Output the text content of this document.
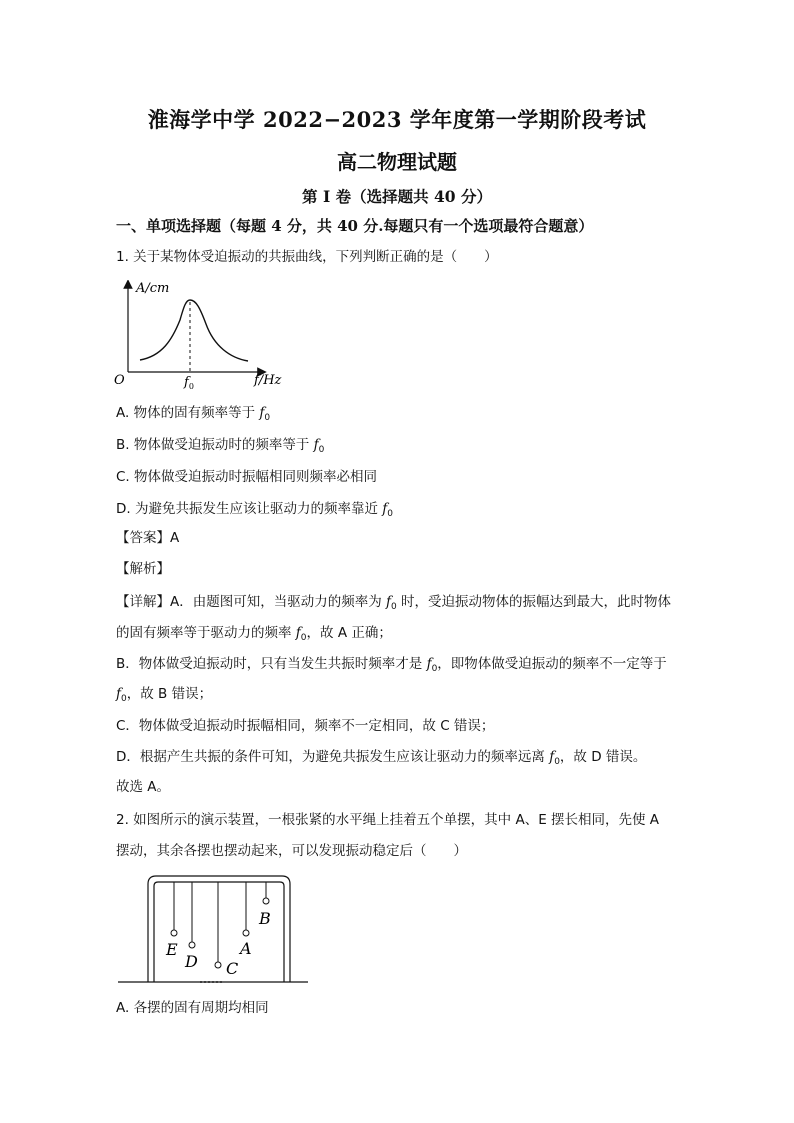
淮海学中学 2022−2023 学年度第一学期阶段考试
高二物理试题
第 I 卷（选择题共 40 分）
一、单项选择题（每题 4 分，共 40 分.每题只有一个选项最符合题意）
1. 关于某物体受迫振动的共振曲线，下列判断正确的是（　　）
A/cm
O	$f_0$	f/Hz
A. 物体的固有频率等于 $f_0$
B. 物体做受迫振动时的频率等于 $f_0$
C. 物体做受迫振动时振幅相同则频率必相同
D. 为避免共振发生应该让驱动力的频率靠近 $f_0$
【答案】A
【解析】
【详解】A．由题图可知，当驱动力的频率为 $f_0$ 时，受迫振动物体的振幅达到最大，此时物体
的固有频率等于驱动力的频率 $f_0$，故 A 正确；
B．物体做受迫振动时，只有当发生共振时频率才是 $f_0$，即物体做受迫振动的频率不一定等于
$f_0$，故 B 错误；
C．物体做受迫振动时振幅相同，频率不一定相同，故 C 错误；
D．根据产生共振的条件可知，为避免共振发生应该让驱动力的频率远离 $f_0$，故 D 错误。
故选 A。
2. 如图所示的演示装置，一根张紧的水平绳上挂着五个单摆，其中 A、E 摆长相同，先使 A
摆动，其余各摆也摆动起来，可以发现振动稳定后（　　）
E
D C
A
B
A. 各摆的固有周期均相同
